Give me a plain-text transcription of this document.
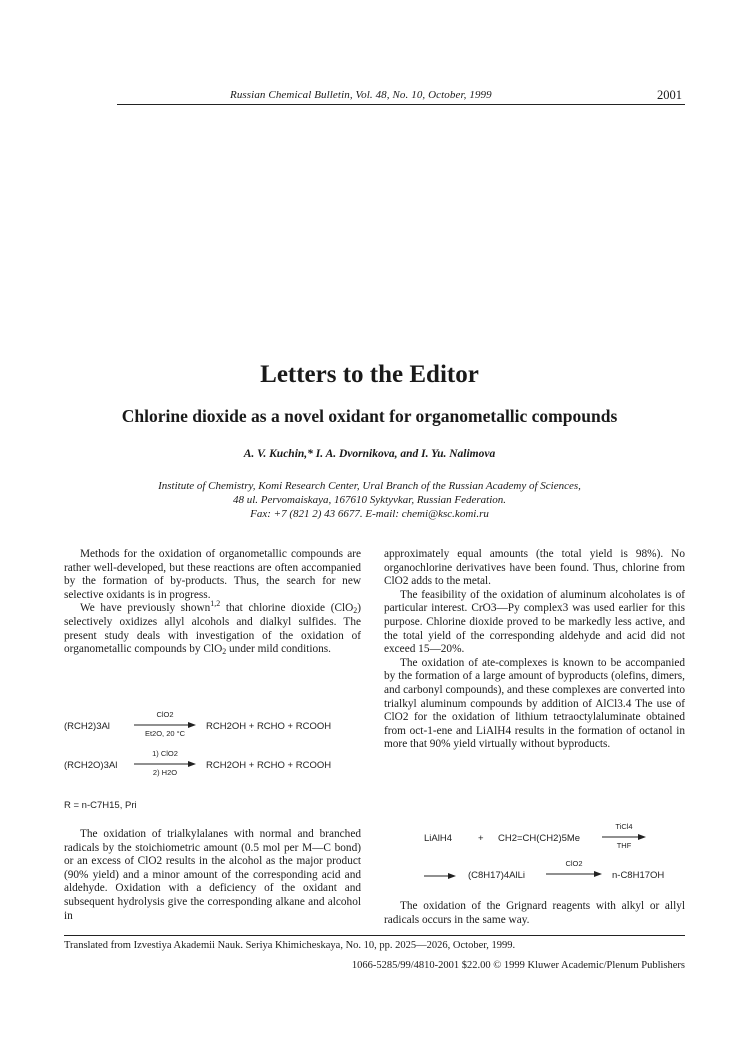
Russian Chemical Bulletin, Vol. 48, No. 10, October, 1999	2001
Letters to the Editor
Chlorine dioxide as a novel oxidant for organometallic compounds
A. V. Kuchin,* I. A. Dvornikova, and I. Yu. Nalimova
Institute of Chemistry, Komi Research Center, Ural Branch of the Russian Academy of Sciences,
48 ul. Pervomaiskaya, 167610 Syktyvkar, Russian Federation.
Fax: +7 (821 2) 43 6677. E-mail: chemi@ksc.komi.ru

Methods for the oxidation of organometallic compounds are rather well-developed, but these reactions are often accompanied by the formation of by-products. Thus, the search for new selective oxidants is in progress.

We have previously shown$^{1,2}$ that chlorine dioxide (ClO$_2$) selectively oxidizes allyl alcohols and dialkyl sulfides. The present study deals with investigation of the oxidation of organometallic compounds by ClO$_2$ under mild conditions.

(RCH2)3Al
ClO2
Et2O, 20 °C
RCH2OH + RCHO + RCOOH
(RCH2O)3Al
1) ClO2
2) H2O
RCH2OH + RCHO + RCOOH
R = n-C7H15, Pri

The oxidation of trialkylalanes with normal and branched radicals by the stoichiometric amount (0.5 mol per M—C bond) or an excess of ClO2 results in the alcohol as the major product (90% yield) and a minor amount of the corresponding acid and aldehyde. Oxidation with a deficiency of the oxidant and subsequent hydrolysis give the corresponding alkane and alcohol in

approximately equal amounts (the total yield is 98%). No organochlorine derivatives have been found. Thus, chlorine from ClO2 adds to the metal.

The feasibility of the oxidation of aluminum alcoholates is of particular interest. CrO3—Py complex3 was used earlier for this purpose. Chlorine dioxide proved to be markedly less active, and the total yield of the corresponding aldehyde and acid did not exceed 15—20%.

The oxidation of ate-complexes is known to be accompanied by the formation of a large amount of byproducts (olefins, dimers, and carbonyl compounds), and these complexes are converted into trialkyl aluminum compounds by addition of AlCl3.4 The use of ClO2 for the oxidation of lithium tetraoctylaluminate obtained from oct-1-ene and LiAlH4 results in the formation of octanol in more that 90% yield virtually without byproducts.

LiAlH4	+ CH2=CH(CH2)5Me
TiCl4
THF
→ (C8H17)4AlLi
ClO2
n-C8H17OH

The oxidation of the Grignard reagents with alkyl or allyl radicals occurs in the same way.

Translated from Izvestiya Akademii Nauk. Seriya Khimicheskaya, No. 10, pp. 2025—2026, October, 1999.
1066-5285/99/4810-2001 $22.00 © 1999 Kluwer Academic/Plenum Publishers
